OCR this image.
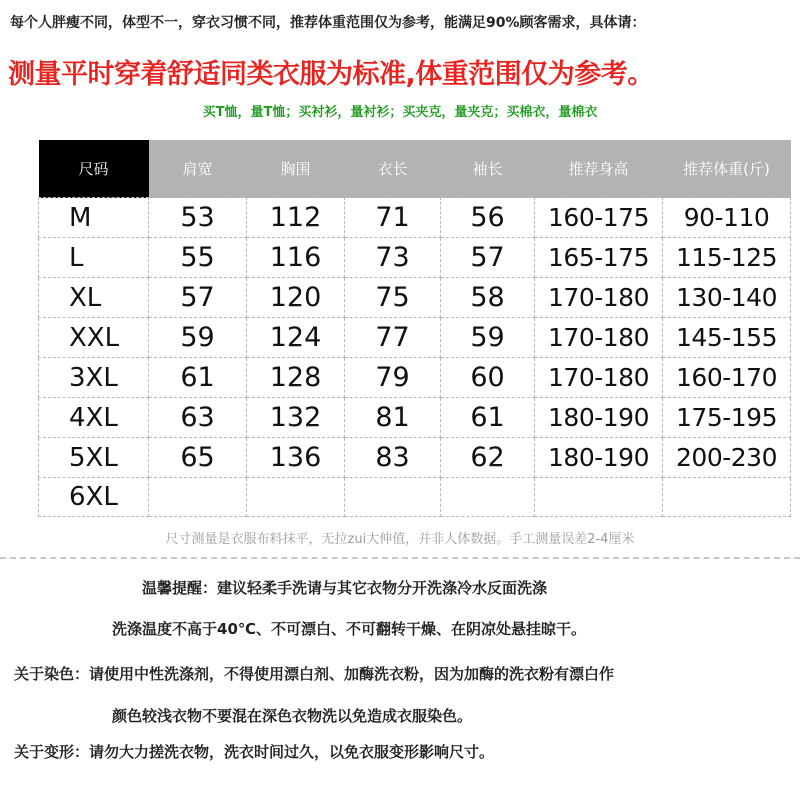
每个人胖瘦不同，体型不一，穿衣习惯不同，推荐体重范围仅为参考，能满足90%顾客需求，具体请：
测量平时穿着舒适同类衣服为标准,体重范围仅为参考。
买T恤，量T恤；买衬衫，量衬衫；买夹克，量夹克；买棉衣，量棉衣
尺码	肩宽	胸围	衣长	袖长	推荐身高	推荐体重(斤)
M	53	112	71	56	160-175	90-110
L	55	116	73	57	165-175	115-125
XL	57	120	75	58	170-180	130-140
XXL	59	124	77	59	170-180	145-155
3XL	61	128	79	60	170-180	160-170
4XL	63	132	81	61	180-190	175-195
5XL	65	136	83	62	180-190	200-230
6XL						
尺寸测量是衣服布料抹平，无拉zui大伸值，并非人体数据。手工测量误差2-4厘米
温馨提醒：建议轻柔手洗请与其它衣物分开洗涤冷水反面洗涤
洗涤温度不高于40℃、不可漂白、不可翻转干燥、在阴凉处悬挂晾干。
关于染色：请使用中性洗涤剂，不得使用漂白剂、加酶洗衣粉，因为加酶的洗衣粉有漂白作
颜色较浅衣物不要混在深色衣物洗以免造成衣服染色。
关于变形：请勿大力搓洗衣物，洗衣时间过久，以免衣服变形影响尺寸。
